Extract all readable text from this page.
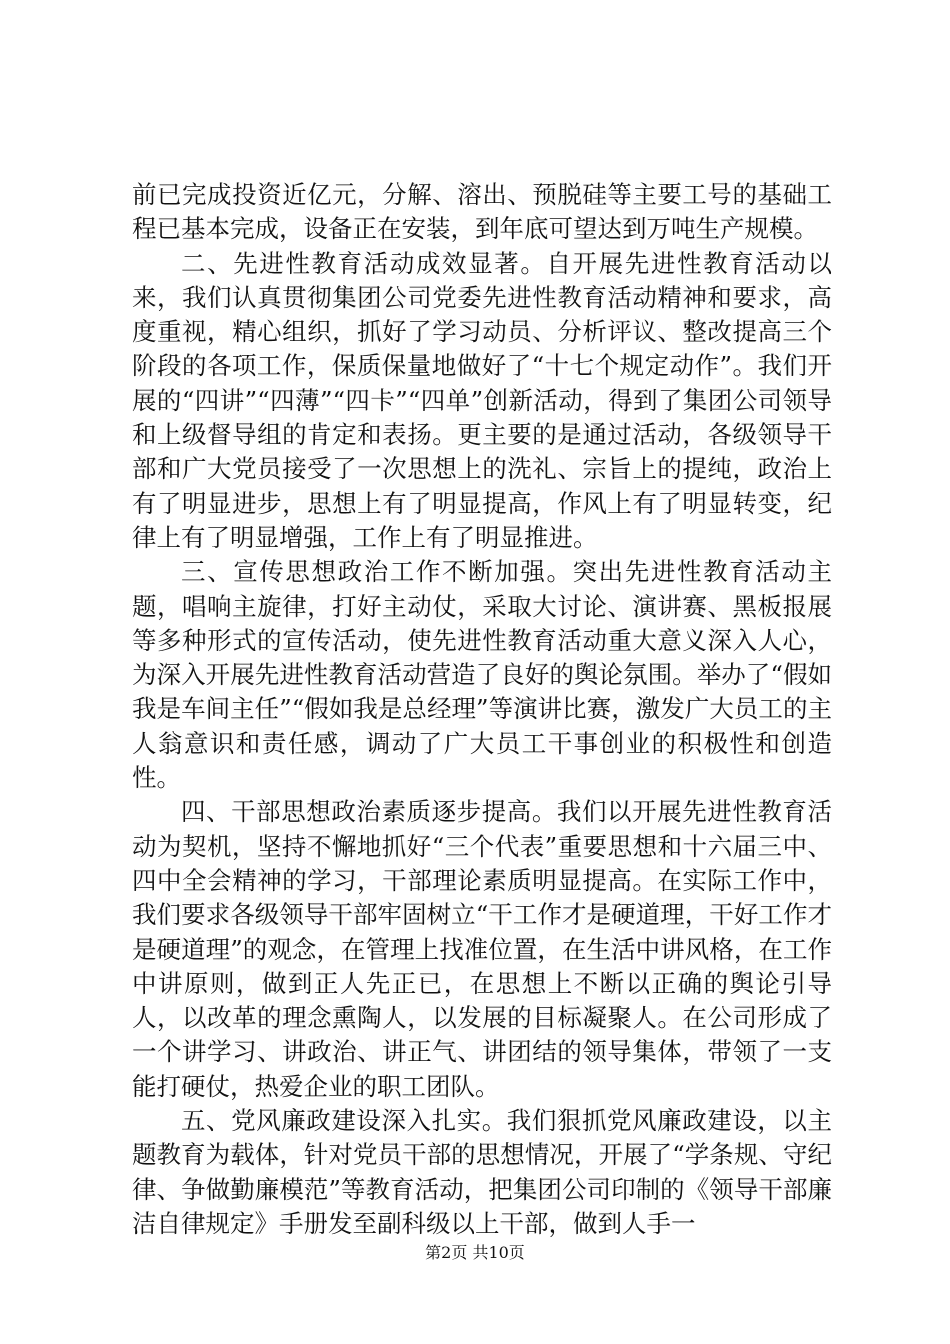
前已完成投资近亿元，分解、溶出、预脱硅等主要工号的基础工程已基本完成，设备正在安装，到年底可望达到万吨生产规模。

二、先进性教育活动成效显著。自开展先进性教育活动以来，我们认真贯彻集团公司党委先进性教育活动精神和要求，高度重视，精心组织，抓好了学习动员、分析评议、整改提高三个阶段的各项工作，保质保量地做好了“十七个规定动作”。我们开展的“四讲”“四薄”“四卡”“四单”创新活动，得到了集团公司领导和上级督导组的肯定和表扬。更主要的是通过活动，各级领导干部和广大党员接受了一次思想上的洗礼、宗旨上的提纯，政治上有了明显进步，思想上有了明显提高，作风上有了明显转变，纪律上有了明显增强，工作上有了明显推进。

三、宣传思想政治工作不断加强。突出先进性教育活动主题，唱响主旋律，打好主动仗，采取大讨论、演讲赛、黑板报展等多种形式的宣传活动，使先进性教育活动重大意义深入人心，为深入开展先进性教育活动营造了良好的舆论氛围。举办了“假如我是车间主任”“假如我是总经理”等演讲比赛，激发广大员工的主人翁意识和责任感，调动了广大员工干事创业的积极性和创造性。

四、干部思想政治素质逐步提高。我们以开展先进性教育活动为契机，坚持不懈地抓好“三个代表”重要思想和十六届三中、四中全会精神的学习，干部理论素质明显提高。在实际工作中，我们要求各级领导干部牢固树立“干工作才是硬道理，干好工作才是硬道理”的观念，在管理上找准位置，在生活中讲风格，在工作中讲原则，做到正人先正已，在思想上不断以正确的舆论引导人，以改革的理念熏陶人，以发展的目标凝聚人。在公司形成了一个讲学习、讲政治、讲正气、讲团结的领导集体，带领了一支能打硬仗，热爱企业的职工团队。

五、党风廉政建设深入扎实。我们狠抓党风廉政建设，以主题教育为载体，针对党员干部的思想情况，开展了“学条规、守纪律、争做勤廉模范”等教育活动，把集团公司印制的《领导干部廉洁自律规定》手册发至副科级以上干部，做到人手一

第2页 共10页
